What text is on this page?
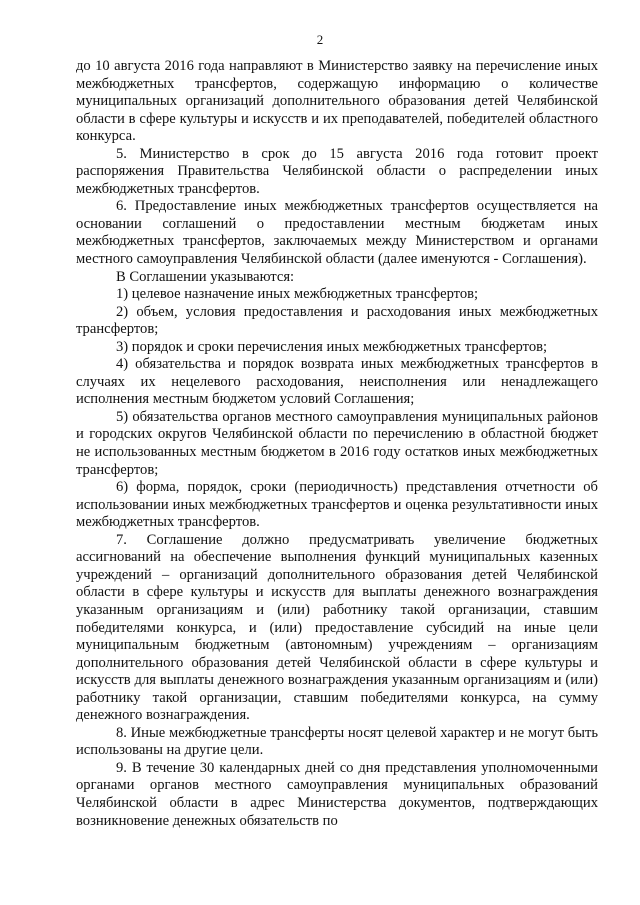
2

до 10 августа 2016 года направляют в Министерство заявку на перечисление иных межбюджетных трансфертов, содержащую информацию о количестве муниципальных организаций дополнительного образования детей Челябинской области в сфере культуры и искусств и их преподавателей, победителей областного конкурса.

5. Министерство в срок до 15 августа 2016 года готовит проект распоряжения Правительства Челябинской области о распределении иных межбюджетных трансфертов.

6. Предоставление иных межбюджетных трансфертов осуществляется на основании соглашений о предоставлении местным бюджетам иных межбюджетных трансфертов, заключаемых между Министерством и органами местного самоуправления Челябинской области (далее именуются - Соглашения).

В Соглашении указываются:

1) целевое назначение иных межбюджетных трансфертов;

2) объем, условия предоставления и расходования иных межбюджетных трансфертов;

3) порядок и сроки перечисления иных межбюджетных трансфертов;

4) обязательства и порядок возврата иных межбюджетных трансфертов в случаях их нецелевого расходования, неисполнения или ненадлежащего исполнения местным бюджетом условий Соглашения;

5) обязательства органов местного самоуправления муниципальных районов и городских округов Челябинской области по перечислению в областной бюджет не использованных местным бюджетом в 2016 году остатков иных межбюджетных трансфертов;

6) форма, порядок, сроки (периодичность) представления отчетности об использовании иных межбюджетных трансфертов и оценка результативности иных межбюджетных трансфертов.

7. Соглашение должно предусматривать увеличение бюджетных ассигнований на обеспечение выполнения функций муниципальных казенных учреждений – организаций дополнительного образования детей Челябинской области в сфере культуры и искусств для выплаты денежного вознаграждения указанным организациям и (или) работнику такой организации, ставшим победителями конкурса, и (или) предоставление субсидий на иные цели муниципальным бюджетным (автономным) учреждениям – организациям дополнительного образования детей Челябинской области в сфере культуры и искусств для выплаты денежного вознаграждения указанным организациям и (или) работнику такой организации, ставшим победителями конкурса, на сумму денежного вознаграждения.

8. Иные межбюджетные трансферты носят целевой характер и не могут быть использованы на другие цели.

9. В течение 30 календарных дней со дня представления уполномоченными органами органов местного самоуправления муниципальных образований Челябинской области в адрес Министерства документов, подтверждающих возникновение денежных обязательств по
